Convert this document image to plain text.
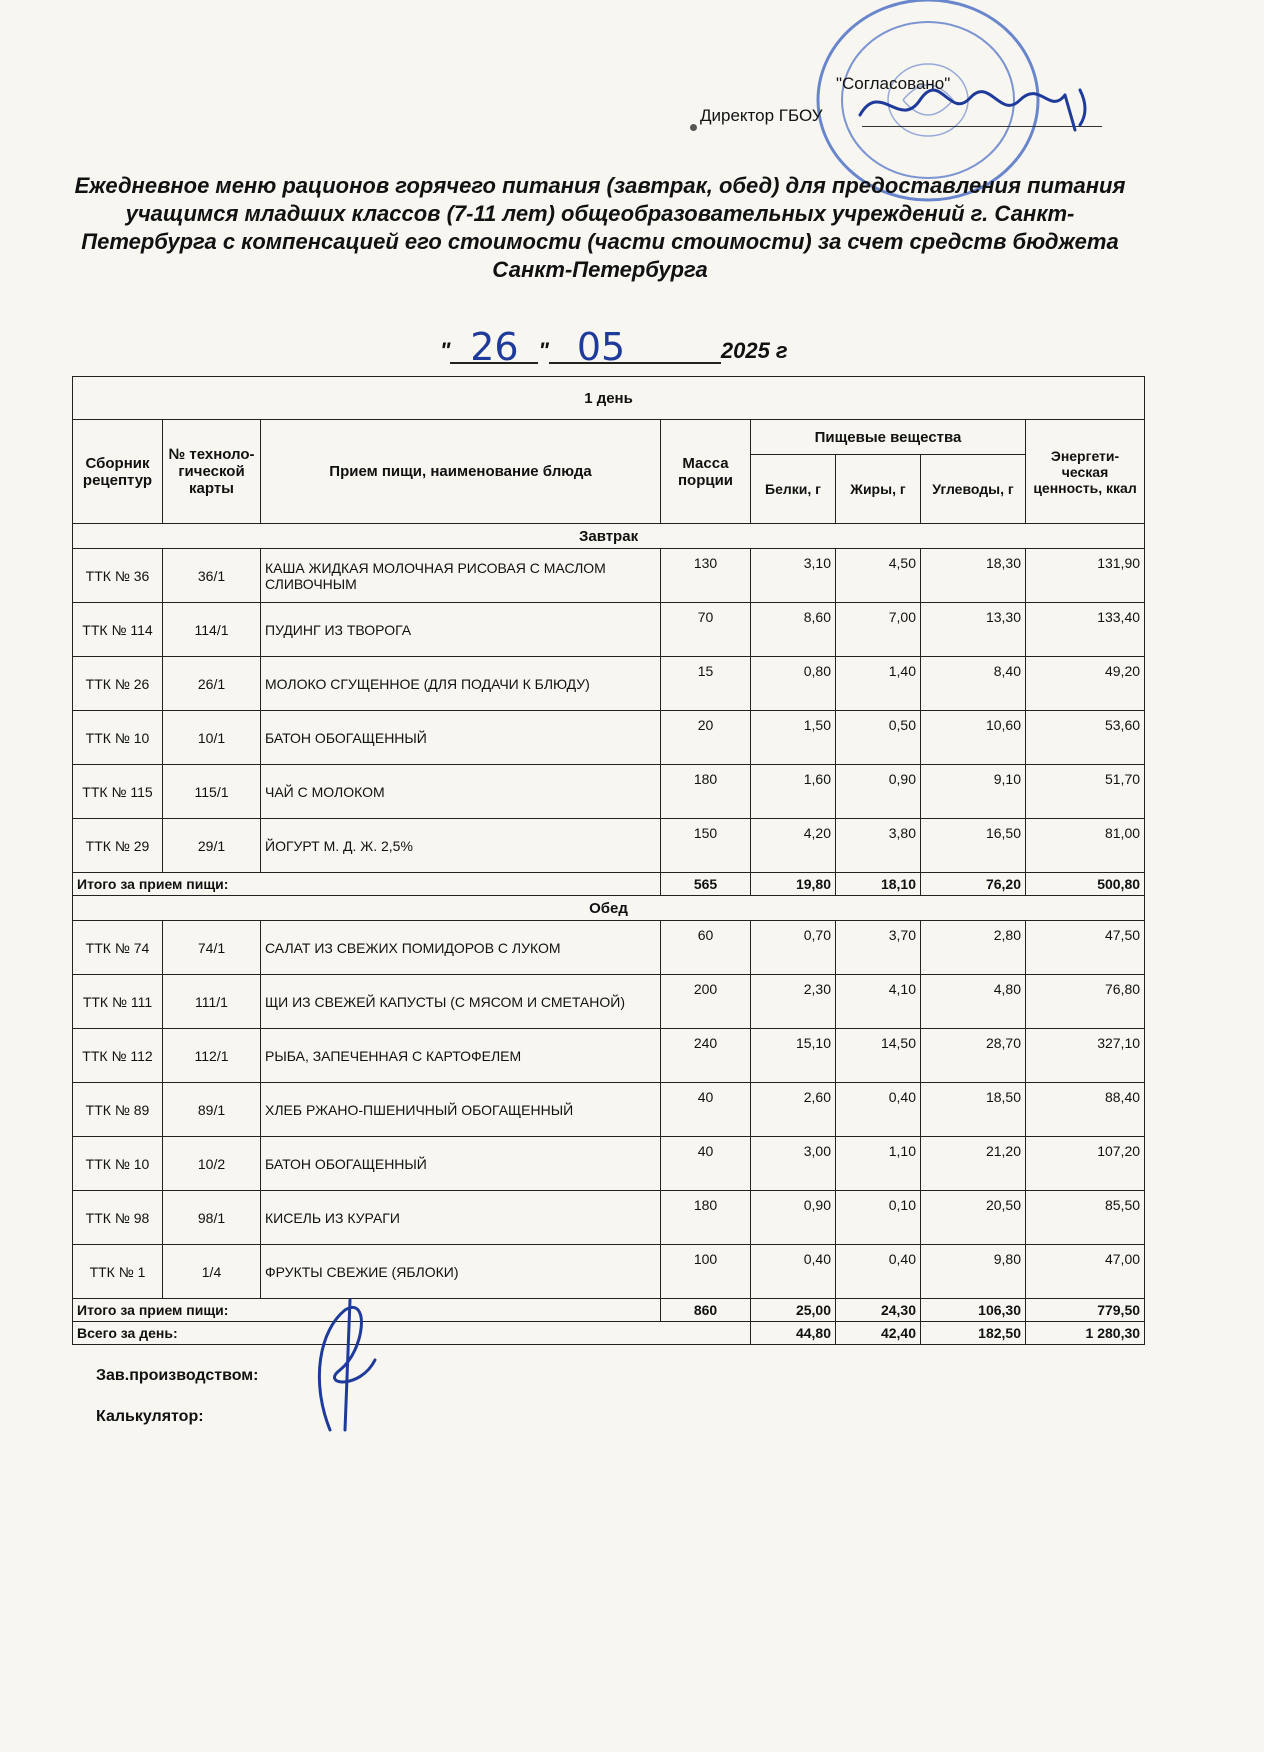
"Согласовано"
Директор ГБОУ
Ежедневное меню рационов горячего питания (завтрак, обед) для предоставления питания учащимся младших классов (7-11 лет) общеобразовательных учреждений г. Санкт-Петербурга с компенсацией его стоимости (части стоимости) за счет средств бюджета Санкт-Петербурга
" 26 " 05	2025 г
1 день							
Сборник рецептур	№ техноло-гической карты	Прием пищи, наименование блюда	Масса порции	Пищевые вещества			Энергети-ческая ценность, ккал
				Белки, г	Жиры, г	Углеводы, г	
Завтрак							
ТТК № 36	36/1	КАША ЖИДКАЯ МОЛОЧНАЯ РИСОВАЯ С МАСЛОМ СЛИВОЧНЫМ	130	3,10	4,50	18,30	131,90
ТТК № 114	114/1	ПУДИНГ ИЗ ТВОРОГА	70	8,60	7,00	13,30	133,40
ТТК № 26	26/1	МОЛОКО СГУЩЕННОЕ (ДЛЯ ПОДАЧИ К БЛЮДУ)	15	0,80	1,40	8,40	49,20
ТТК № 10	10/1	БАТОН ОБОГАЩЕННЫЙ	20	1,50	0,50	10,60	53,60
ТТК № 115	115/1	ЧАЙ С МОЛОКОМ	180	1,60	0,90	9,10	51,70
ТТК № 29	29/1	ЙОГУРТ М. Д. Ж. 2,5%	150	4,20	3,80	16,50	81,00
Итого за прием пищи:			565	19,80	18,10	76,20	500,80
Обед							
ТТК № 74	74/1	САЛАТ ИЗ СВЕЖИХ ПОМИДОРОВ С ЛУКОМ	60	0,70	3,70	2,80	47,50
ТТК № 111	111/1	ЩИ ИЗ СВЕЖЕЙ КАПУСТЫ (С МЯСОМ И СМЕТАНОЙ)	200	2,30	4,10	4,80	76,80
ТТК № 112	112/1	РЫБА, ЗАПЕЧЕННАЯ С КАРТОФЕЛЕМ	240	15,10	14,50	28,70	327,10
ТТК № 89	89/1	ХЛЕБ РЖАНО-ПШЕНИЧНЫЙ ОБОГАЩЕННЫЙ	40	2,60	0,40	18,50	88,40
ТТК № 10	10/2	БАТОН ОБОГАЩЕННЫЙ	40	3,00	1,10	21,20	107,20
ТТК № 98	98/1	КИСЕЛЬ ИЗ КУРАГИ	180	0,90	0,10	20,50	85,50
ТТК № 1	1/4	ФРУКТЫ СВЕЖИЕ (ЯБЛОКИ)	100	0,40	0,40	9,80	47,00
Итого за прием пищи:			860	25,00	24,30	106,30	779,50
Всего за день:				44,80	42,40	182,50	1 280,30
Зав.производством:
Калькулятор:
